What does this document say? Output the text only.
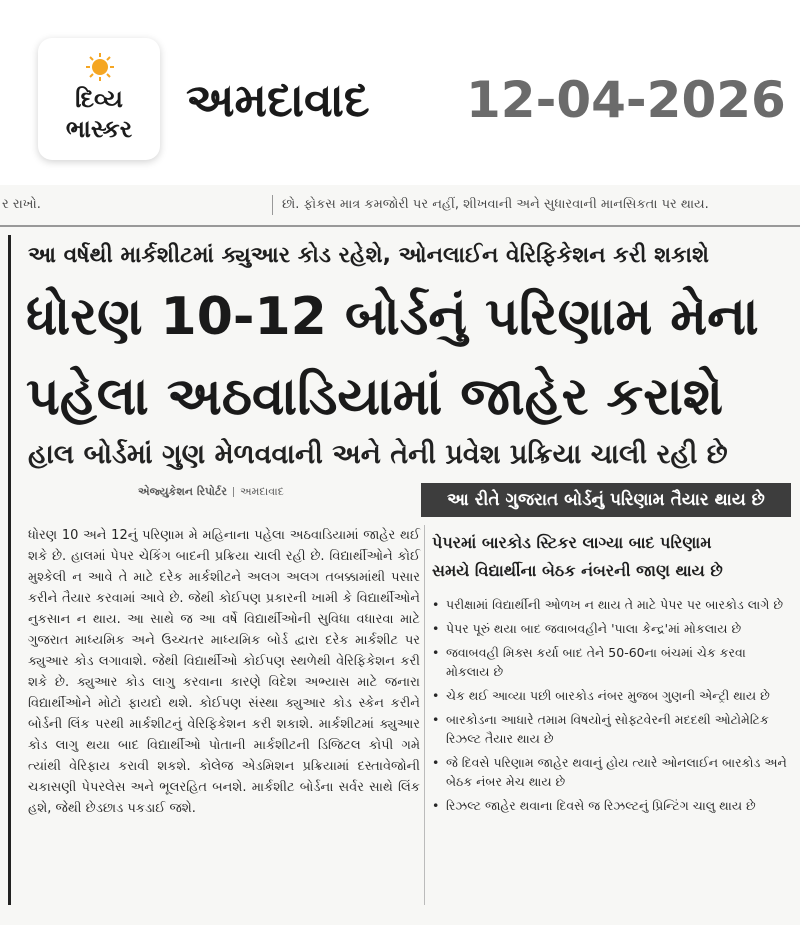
દિવ્ય
ભાસ્કર
અમદાવાદ 12-04-2026
ર રાખો.	છો. ફોકસ માત્ર કમજોરી પર નહીં, શીખવાની અને સુધારવાની માનસિકતા પર થાય.
આ વર્ષથી માર્કશીટમાં ક્યુઆર કોડ રહેશે, ઓનલાઈન વેરિફિકેશન કરી શકાશે
ધોરણ 10-12 બોર્ડનું પરિણામ મેના
પહેલા અઠવાડિયામાં જાહેર કરાશે
હાલ બોર્ડમાં ગુણ મેળવવાની અને તેની પ્રવેશ પ્રક્રિયા ચાલી રહી છે
એજ્યુકેશન રિપોર્ટર અમદાવાદ	આ રીતે ગુજરાત બોર્ડનું પરિણામ તૈયાર થાય છે
ધોરણ 10 અને 12નું પરિણામ મે મહિનાના પહેલા અઠવાડિયામાં જાહેર થઈ શકે છે. હાલમાં પેપર ચેકિંગ બાદની પ્રક્રિયા ચાલી રહી છે. વિદ્યાર્થીઓને કોઈ મુશ્કેલી ન આવે તે માટે દરેક માર્કશીટને અલગ અલગ તબક્કામાંથી પસાર કરીને તૈયાર કરવામાં આવે છે. જેથી કોઈપણ પ્રકારની ખામી કે વિદ્યાર્થીઓને નુકસાન ન થાય. આ સાથે જ આ વર્ષે વિદ્યાર્થીઓની સુવિધા વધારવા માટે ગુજરાત માધ્યમિક અને ઉચ્ચતર માધ્યમિક બોર્ડ દ્વારા દરેક માર્કશીટ પર ક્યુઆર કોડ લગાવાશે. જેથી વિદ્યાર્થીઓ કોઈપણ સ્થળેથી વેરિફિકેશન કરી શકે છે. ક્યુઆર કોડ લાગુ કરવાના કારણે વિદેશ અભ્યાસ માટે જનારા વિદ્યાર્થીઓને મોટો ફાયદો થશે. કોઈપણ સંસ્થા ક્યુઆર કોડ સ્કેન કરીને બોર્ડની લિંક પરથી માર્કશીટનું વેરિફિકેશન કરી શકાશે. માર્કશીટમાં ક્યુઆર કોડ લાગુ થયા બાદ વિદ્યાર્થીઓ પોતાની માર્કશીટની ડિજિટલ કોપી ગમે ત્યાંથી વેરિફાય કરાવી શકશે. કોલેજ એડમિશન પ્રક્રિયામાં દસ્તાવેજોની ચકાસણી પેપરલેસ અને ભૂલરહિત બનશે. માર્કશીટ બોર્ડના સર્વર સાથે લિંક હશે, જેથી છેડછાડ પકડાઈ જશે.
પેપરમાં બારકોડ સ્ટિકર લાગ્યા બાદ પરિણામ
સમયે વિદ્યાર્થીના બેઠક નંબરની જાણ થાય છે
• પરીક્ષામાં વિદ્યાર્થીની ઓળખ ન થાય તે માટે પેપર પર બારકોડ લાગે છે
• પેપર પૂરું થયા બાદ જવાબવહીને 'પાલા કેન્દ્ર'માં મોકલાય છે
• જવાબવહી મિક્સ કર્યા બાદ તેને 50-60ના બંચમાં ચેક કરવા મોકલાય છે
• ચેક થઈ આવ્યા પછી બારકોડ નંબર મુજબ ગુણની એન્ટ્રી થાય છે
• બારકોડના આધારે તમામ વિષયોનું સોફ્ટવેરની મદદથી ઓટોમેટિક રિઝલ્ટ તૈયાર થાય છે
• જે દિવસે પરિણામ જાહેર થવાનું હોય ત્યારે ઓનલાઈન બારકોડ અને બેઠક નંબર મેચ થાય છે
• રિઝલ્ટ જાહેર થવાના દિવસે જ રિઝલ્ટનું પ્રિન્ટિંગ ચાલુ થાય છે
